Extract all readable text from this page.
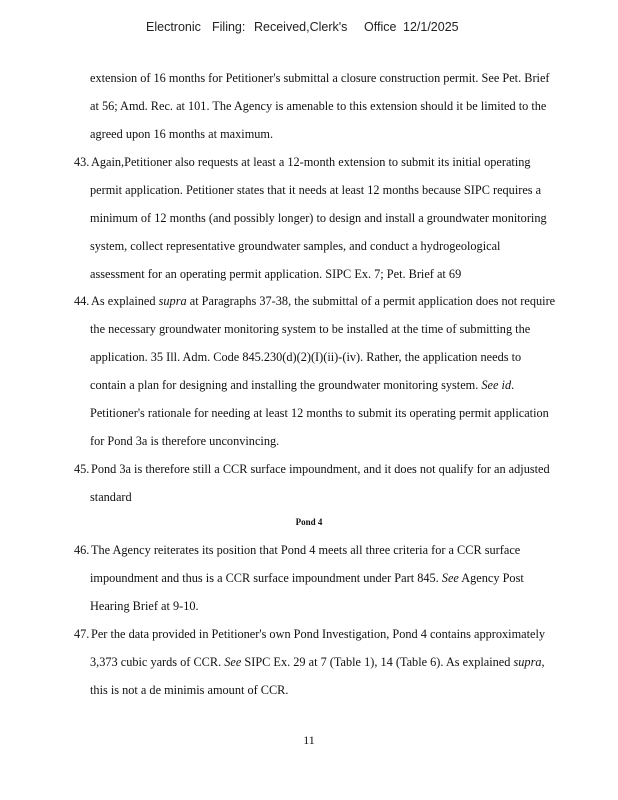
Electronic Filing: Received,Clerk's Office 12/1/2025
extension of 16 months for Petitioner's submittal a closure construction permit. See Pet. Brief
at 56; Amd. Rec. at 101. The Agency is amenable to this extension should it be limited to the
agreed upon 16 months at maximum.
43. Again,Petitioner also requests at least a 12-month extension to submit its initial operating
permit application. Petitioner states that it needs at least 12 months because SIPC requires a
minimum of 12 months (and possibly longer) to design and install a groundwater monitoring
system, collect representative groundwater samples, and conduct a hydrogeological
assessment for an operating permit application. SIPC Ex. 7; Pet. Brief at 69
44. As explained supra at Paragraphs 37-38, the submittal of a permit application does not require
the necessary groundwater monitoring system to be installed at the time of submitting the
application. 35 Ill. Adm. Code 845.230(d)(2)(I)(ii)-(iv). Rather, the application needs to
contain a plan for designing and installing the groundwater monitoring system. See id.
Petitioner's rationale for needing at least 12 months to submit its operating permit application
for Pond 3a is therefore unconvincing.
45. Pond 3a is therefore still a CCR surface impoundment, and it does not qualify for an adjusted
standard
Pond 4
46. The Agency reiterates its position that Pond 4 meets all three criteria for a CCR surface
impoundment and thus is a CCR surface impoundment under Part 845. See Agency Post
Hearing Brief at 9-10.
47. Per the data provided in Petitioner's own Pond Investigation, Pond 4 contains approximately
3,373 cubic yards of CCR. See SIPC Ex. 29 at 7 (Table 1), 14 (Table 6). As explained supra,
this is not a de minimis amount of CCR.
11
